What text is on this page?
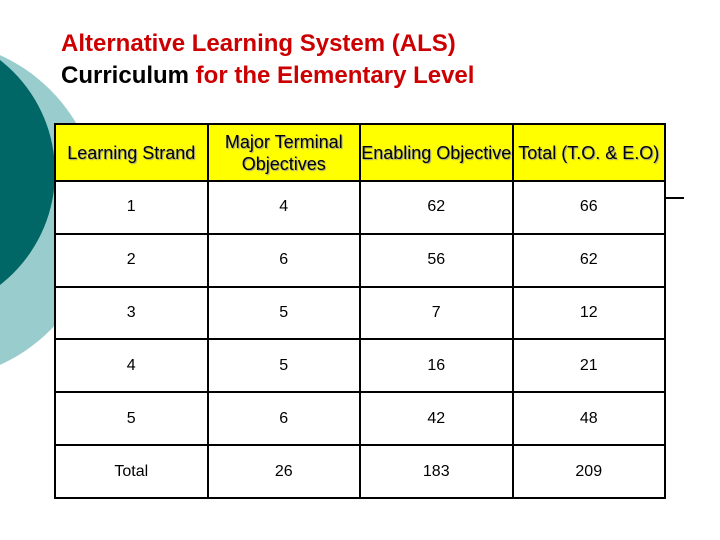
Alternative Learning System (ALS)
Curriculum for the Elementary Level
Learning Strand	Major Terminal Objectives	Enabling Objective	Total (T.O. & E.O)
1	4	62	66
2	6	56	62
3	5	7	12
4	5	16	21
5	6	42	48
Total	26	183	209
